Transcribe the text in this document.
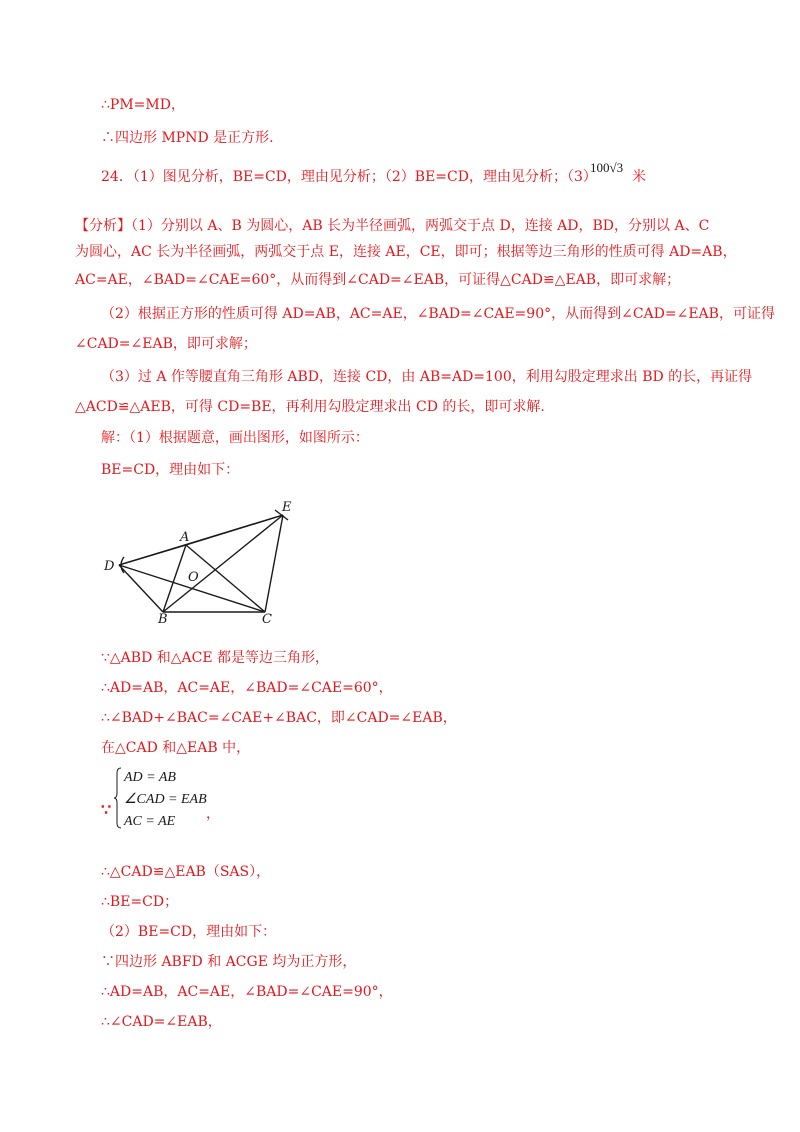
∴PM=MD，
∴四边形 MPND 是正方形.
24．（1）图见分析，BE=CD，理由见分析；（2）BE=CD，理由见分析；（3）
100√3
米
【分析】（1）分别以 A、B 为圆心，AB 长为半径画弧，两弧交于点 D，连接 AD，BD，分别以 A、C
为圆心，AC 长为半径画弧，两弧交于点 E，连接 AE，CE，即可；根据等边三角形的性质可得 AD=AB，
AC=AE，∠BAD=∠CAE=60°，从而得到∠CAD=∠EAB，可证得△CAD≌△EAB，即可求解；
（2）根据正方形的性质可得 AD=AB，AC=AE，∠BAD=∠CAE=90°，从而得到∠CAD=∠EAB，可证得
∠CAD=∠EAB，即可求解；
（3）过 A 作等腰直角三角形 ABD，连接 CD，由 AB=AD=100，利用勾股定理求出 BD 的长，再证得
△ACD≌△AEB，可得 CD=BE，再利用勾股定理求出 CD 的长，即可求解.
解：（1）根据题意，画出图形，如图所示：
BE=CD，理由如下：
A
B	C
D
E
O
∵△ABD 和△ACE 都是等边三角形，
∴AD=AB，AC=AE，∠BAD=∠CAE=60°，
∴∠BAD+∠BAC=∠CAE+∠BAC，即∠CAD=∠EAB，
在△CAD 和△EAB 中，
∵
AD = AB
∠CAD = EAB
AC = AE	，
∴△CAD≌△EAB（SAS），
∴BE=CD；
（2）BE=CD，理由如下：
∵四边形 ABFD 和 ACGE 均为正方形，
∴AD=AB，AC=AE，∠BAD=∠CAE=90°，
∴∠CAD=∠EAB，
